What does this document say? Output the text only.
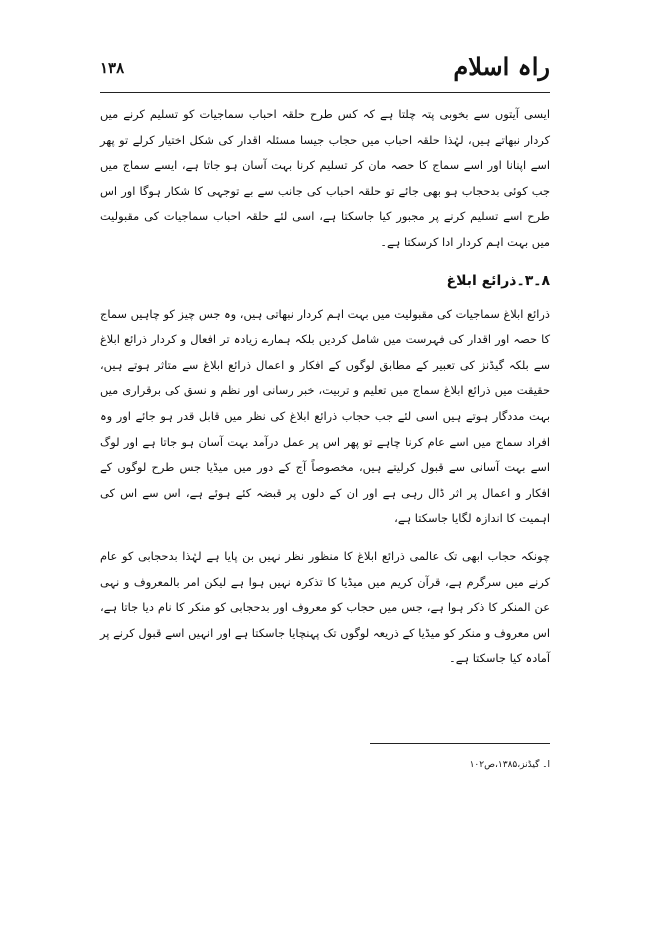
راہ اسلام
۱۳۸

ایسی آیتوں سے بخوبی پتہ چلتا ہے کہ کس طرح حلقہ احباب سماجیات کو تسلیم کرنے میں کردار نبھاتے ہیں، لہٰذا حلقہ احباب میں حجاب جیسا مسئلہ اقدار کی شکل اختیار کرلے تو پھر اسے اپنانا اور اسے سماج کا حصہ مان کر تسلیم کرنا بہت آسان ہو جاتا ہے، ایسے سماج میں جب کوئی بدحجاب ہو بھی جائے تو حلقہ احباب کی جانب سے بے توجہی کا شکار ہوگا اور اس طرح اسے تسلیم کرنے پر مجبور کیا جاسکتا ہے، اسی لئے حلقہ احباب سماجیات کی مقبولیت میں بہت اہم کردار ادا کرسکتا ہے۔

۸۔۳۔ذرائع ابلاغ

ذرائع ابلاغ سماجیات کی مقبولیت میں بہت اہم کردار نبھاتی ہیں، وہ جس چیز کو چاہیں سماج کا حصہ اور اقدار کی فہرست میں شامل کردیں بلکہ ہمارے زیادہ تر افعال و کردار ذرائع ابلاغ سے بلکہ گیڈنز کی تعبیر کے مطابق لوگوں کے افکار و اعمال ذرائع ابلاغ سے متاثر ہوتے ہیں، حقیقت میں ذرائع ابلاغ سماج میں تعلیم و تربیت، خبر رسانی اور نظم و نسق کی برقراری میں بہت مددگار ہوتے ہیں اسی لئے جب حجاب ذرائع ابلاغ کی نظر میں قابل قدر ہو جائے اور وہ افراد سماج میں اسے عام کرنا چاہے تو پھر اس پر عمل درآمد بہت آسان ہو جاتا ہے اور لوگ اسے بہت آسانی سے قبول کرلیتے ہیں، مخصوصاً آج کے دور میں میڈیا جس طرح لوگوں کے افکار و اعمال پر اثر ڈال رہی ہے اور ان کے دلوں پر قبضہ کئے ہوئے ہے، اس سے اس کی اہمیت کا اندازہ لگایا جاسکتا ہے،

چونکہ حجاب ابھی تک عالمی ذرائع ابلاغ کا منظور نظر نہیں بن پایا ہے لہٰذا بدحجابی کو عام کرنے میں سرگرم ہے، قرآن کریم میں میڈیا کا تذکرہ نہیں ہوا ہے لیکن امر بالمعروف و نہی عن المنکر کا ذکر ہوا ہے، جس میں حجاب کو معروف اور بدحجابی کو منکر کا نام دیا جاتا ہے، اس معروف و منکر کو میڈیا کے ذریعہ لوگوں تک پہنچایا جاسکتا ہے اور انہیں اسے قبول کرنے پر آمادہ کیا جاسکتا ہے۔

ا۔ گیڈنز،۱۳۸۵،ص۱۰۲
